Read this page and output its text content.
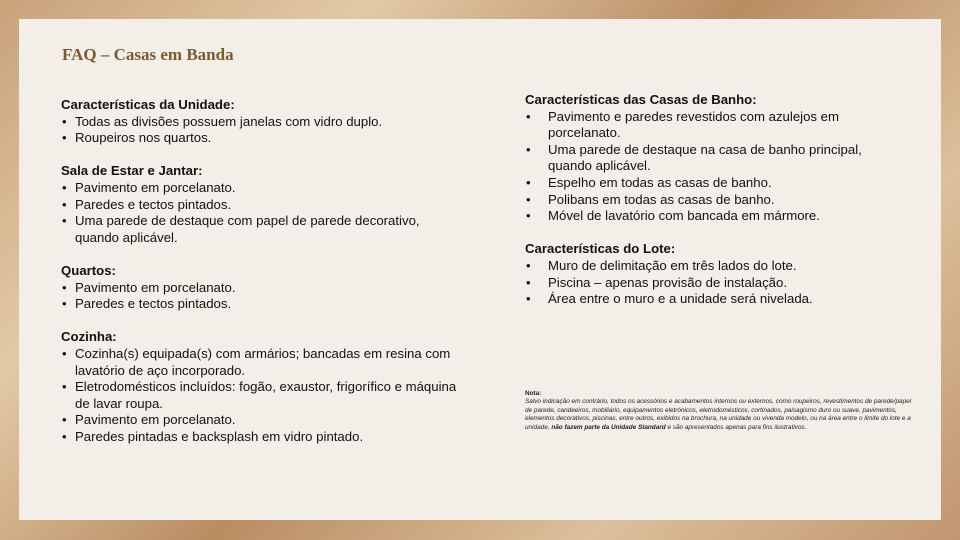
FAQ – Casas em Banda
Características da Unidade:
• Todas as divisões possuem janelas com vidro duplo.
• Roupeiros nos quartos.
Sala de Estar e Jantar:
• Pavimento em porcelanato.
• Paredes e tectos pintados.
• Uma parede de destaque com papel de parede decorativo, quando aplicável.
Quartos:
• Pavimento em porcelanato.
• Paredes e tectos pintados.
Cozinha:
• Cozinha(s) equipada(s) com armários; bancadas em resina com lavatório de aço incorporado.
• Eletrodomésticos incluídos: fogão, exaustor, frigorífico e máquina de lavar roupa.
• Pavimento em porcelanato.
• Paredes pintadas e backsplash em vidro pintado.
Características das Casas de Banho:
• Pavimento e paredes revestidos com azulejos em porcelanato.
• Uma parede de destaque na casa de banho principal, quando aplicável.
• Espelho em todas as casas de banho.
• Polibans em todas as casas de banho.
• Móvel de lavatório com bancada em mármore.
Características do Lote:
• Muro de delimitação em três lados do lote.
• Piscina – apenas provisão de instalação.
• Área entre o muro e a unidade será nivelada.
Nota:
Salvo indicação em contrário, todos os acessórios e acabamentos internos ou externos, como roupeiros, revestimentos de parede/papel de parede, candeeiros, mobiliário, equipamentos eletrónicos, eletrodomésticos, cortinados, paisagismo duro ou suave, pavimentos, elementos decorativos, piscinas, entre outros, exibidos na brochura, na unidade ou vivenda modelo, ou na área entre o limite do lote e a unidade, não fazem parte da Unidade Standard e são apresentados apenas para fins ilustrativos.
